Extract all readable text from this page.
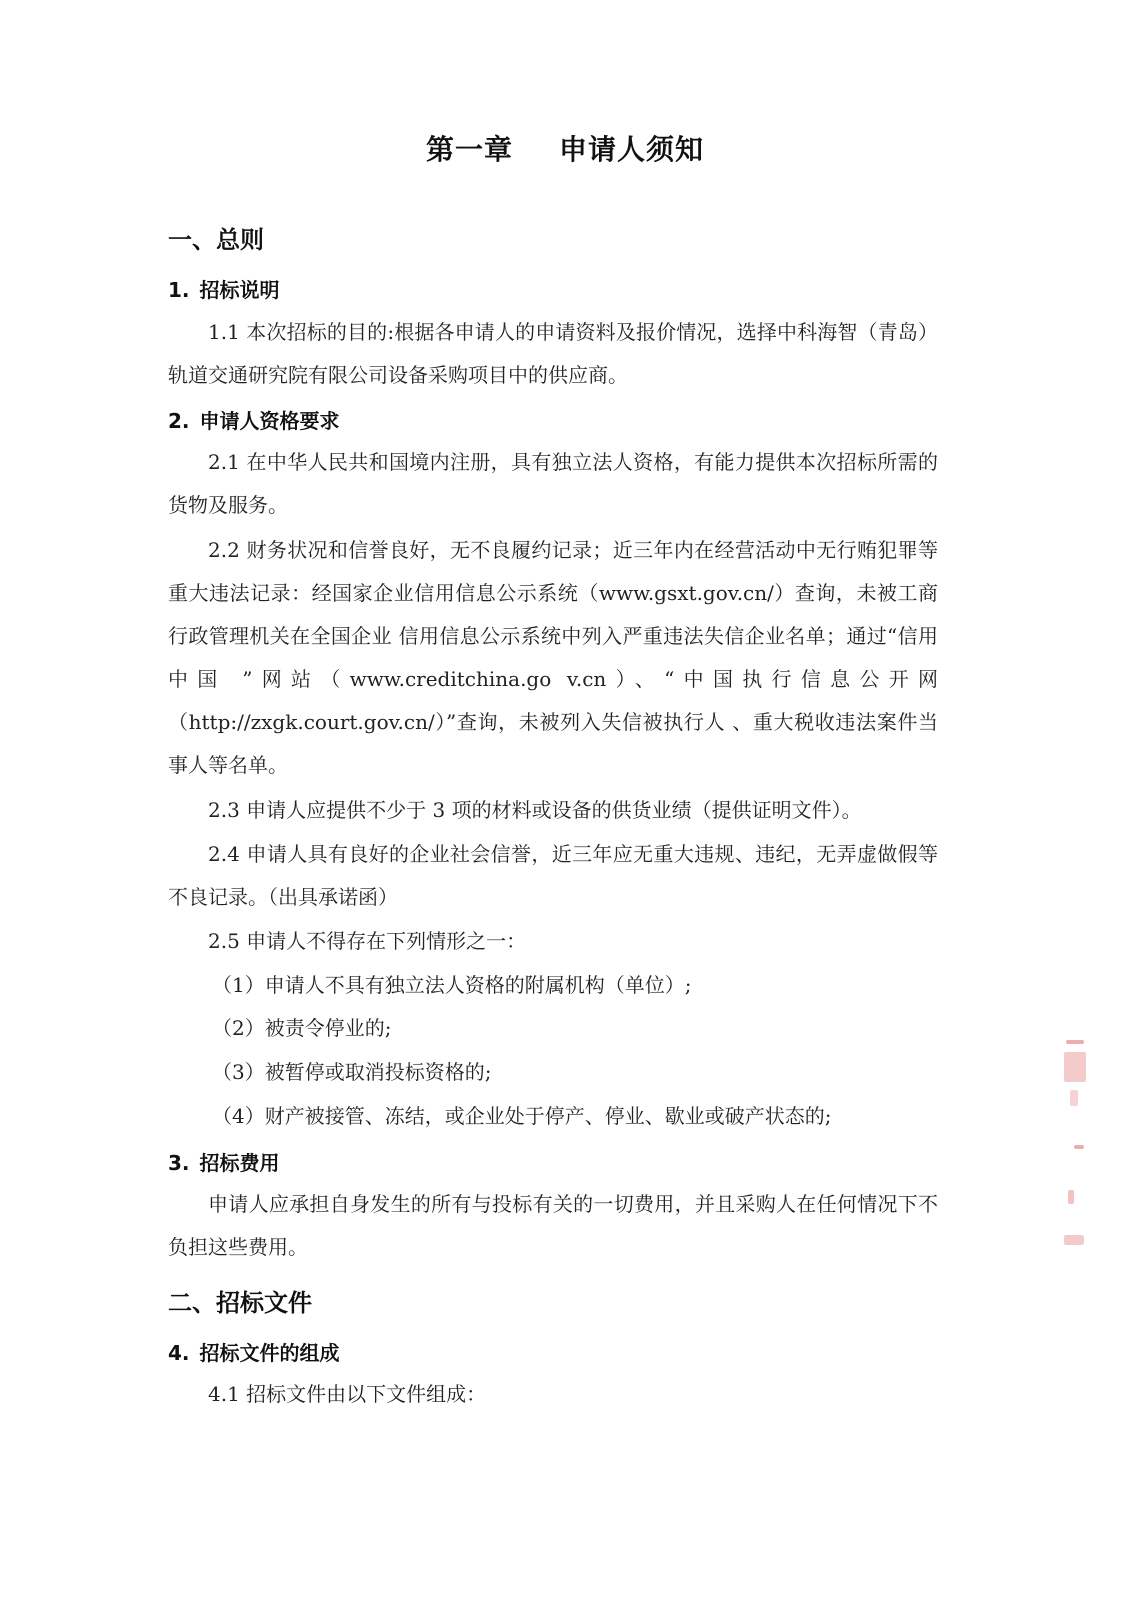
第一章 申请人须知
一、总则
1. 招标说明

1.1 本次招标的目的:根据各申请人的申请资料及报价情况，选择中科海智（青岛）轨道交通研究院有限公司设备采购项目中的供应商。

2. 申请人资格要求

2.1 在中华人民共和国境内注册，具有独立法人资格，有能力提供本次招标所需的货物及服务。

2.2 财务状况和信誉良好，无不良履约记录；近三年内在经营活动中无行贿犯罪等重大违法记录：经国家企业信用信息公示系统（www.gsxt.gov.cn/）查询，未被工商行政管理机关在全国企业 信用信息公示系统中列入严重违法失信企业名单；通过“信用中国 ”网站（www.creditchina.go v.cn）、“中国执行信息公开网（http://zxgk.court.gov.cn/）”查询，未被列入失信被执行人 、重大税收违法案件当事人等名单。

2.3 申请人应提供不少于 3 项的材料或设备的供货业绩（提供证明文件）。

2.4 申请人具有良好的企业社会信誉，近三年应无重大违规、违纪，无弄虚做假等不良记录。（出具承诺函）

2.5 申请人不得存在下列情形之一：

（1）申请人不具有独立法人资格的附属机构（单位）;

（2）被责令停业的;

（3）被暂停或取消投标资格的;

（4）财产被接管、冻结，或企业处于停产、停业、歇业或破产状态的;

3. 招标费用

申请人应承担自身发生的所有与投标有关的一切费用，并且采购人在任何情况下不负担这些费用。

二、招标文件
4. 招标文件的组成

4.1 招标文件由以下文件组成：
